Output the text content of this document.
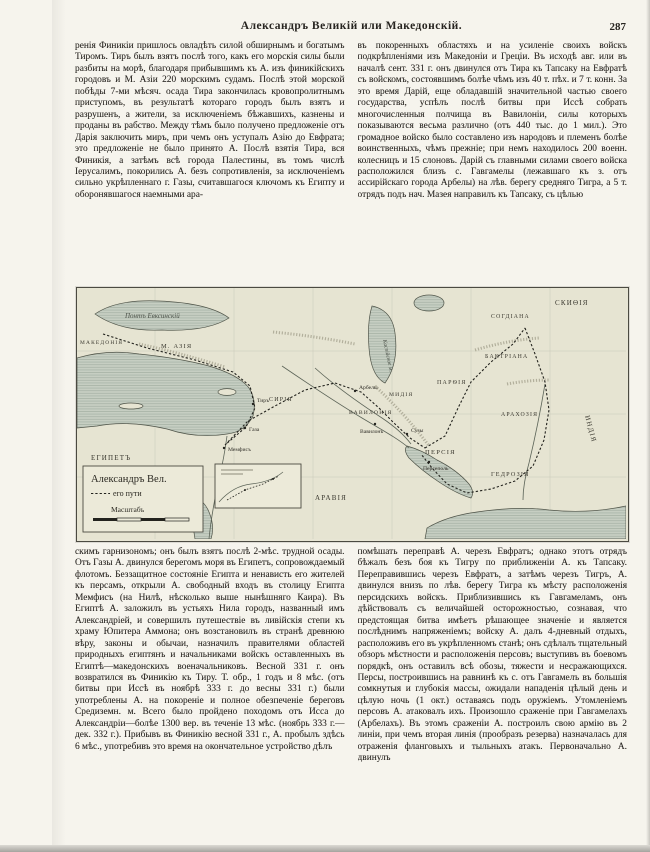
Александръ Великій или Македонскій.	287
ренія Финикіи пришлось овладѣть силой обширнымъ и богатымъ Тиромъ. Тиръ былъ взятъ послѣ того, какъ его морскія силы были разбиты на морѣ, благодаря прибывшимъ къ А. изъ финикійскихъ городовъ и М. Азіи 220 морскимъ судамъ. Послѣ этой морской побѣды 7-ми мѣсяч. осада Тира закончилась кровопролитнымъ приступомъ, въ результатѣ котораго городъ былъ взятъ и разрушенъ, а жители, за исключеніемъ бѣжавшихъ, казнены и проданы въ рабство. Между тѣмъ было получено предложеніе отъ Дарія заключить миръ, при чемъ онъ уступалъ Азію до Евфрата; это предложеніе не было принято А. Послѣ взятія Тира, вся Финикія, а затѣмъ всѣ города Палестины, въ томъ числѣ Іерусалимъ, покорились А. безъ сопротивленія, за исключеніемъ сильно укрѣпленнаго г. Газы, считавшагося ключомъ къ Египту и оборонявшагося наемными ара-
въ покоренныхъ областяхъ и на усиленіе своихъ войскъ подкрѣпленіями изъ Македоніи и Греціи. Въ исходѣ авг. или въ началѣ сент. 331 г. онъ двинулся отъ Тира къ Тапсаку на Евфратѣ съ войскомъ, состоявшимъ болѣе чѣмъ изъ 40 т. пѣх. и 7 т. конн. За это время Дарій, еще обладавшій значительной частью своего государства, успѣлъ послѣ битвы при Иссѣ собрать многочисленныя полчища въ Вавилоніи, силы которыхъ показываются весьма различно (отъ 440 тыс. до 1 мил.). Это громадное войско было составлено изъ народовъ и племенъ болѣе воинственныхъ, чѣмъ прежніе; при немъ находилось 200 военн. колесницъ и 15 слоновъ. Дарій съ главными силами своего войска расположился близъ с. Гавгамелы (лежавшаго къ з. отъ ассирійскаго города Арбелы) на лѣв. берегу средняго Тигра, а 5 т. отрядъ подъ нач. Мазея направилъ къ Тапсаку, съ цѣлью
Тиръ
Газа
Мемфисъ
Вавилонъ
Арбелы
Сузы
Персеполь
Понтъ Евксинскій
Каспійское м.
СКИѲІЯ
МАКЕДОНІЯ	М. АЗІЯ
СИРІЯ
ЕГИПЕТЪ
АРАВІЯ
ВАВИЛОНІЯ
МИДІЯ
ПЕРСІЯ
ПАРѲІЯ
БАКТРІАНА
СОГДІАНА
АРАХОЗІЯ
ГЕДРОЗІЯ
ИНДІЯ
Александръ Вел.
его пути
Масштабъ
скимъ гарнизономъ; онъ былъ взятъ послѣ 2-мѣс. трудной осады. Отъ Газы А. двинулся берегомъ моря въ Египетъ, сопровождаемый флотомъ. Беззащитное состояніе Египта и ненависть его жителей къ персамъ, открыли А. свободный входъ въ столицу Египта Мемфисъ (на Нилѣ, нѣсколько выше нынѣшняго Каира). Въ Египтѣ А. заложилъ въ устьяхъ Нила городъ, названный имъ Александріей, и совершилъ путешествіе въ ливійскія степи къ храму Юпитера Аммона; онъ возстановилъ въ странѣ древнюю вѣру, законы и обычаи, назначилъ правителями областей природныхъ египтянъ и начальниками войскъ оставленныхъ въ Египтѣ—македонскихъ военачальниковъ. Весной 331 г. онъ возвратился въ Финикію къ Тиру. Т. обр., 1 годъ и 8 мѣс. (отъ битвы при Иссѣ въ ноябрѣ 333 г. до весны 331 г.) были употреблены А. на покореніе и полное обезпеченіе береговъ Средиземн. м. Всего было пройдено походомъ отъ Исса до Александріи—болѣе 1300 вер. въ теченіе 13 мѣс. (ноябрь 333 г.— дек. 332 г.). Прибывъ въ Финикію весной 331 г., А. пробылъ здѣсь 6 мѣс., употребивъ это время на окончательное устройство дѣлъ
помѣшать переправѣ А. черезъ Евфратъ; однако этотъ отрядъ бѣжалъ безъ боя къ Тигру по приближеніи А. къ Тапсаку. Переправившись черезъ Евфратъ, а затѣмъ черезъ Тигръ, А. двинулся внизъ по лѣв. берегу Тигра къ мѣсту расположенія персидскихъ войскъ. Приблизившись къ Гавгамеламъ, онъ дѣйствовалъ съ величайшей осторожностью, сознавая, что предстоящая битва имѣетъ рѣшающее значеніе и является послѣднимъ напряженіемъ; войску А. далъ 4-дневный отдыхъ, расположивъ его въ укрѣпленномъ станѣ; онъ сдѣлалъ тщательный обзоръ мѣстности и расположенія персовъ; выступивъ въ боевомъ порядкѣ, онъ оставилъ всѣ обозы, тяжести и несражающихся. Персы, построившись на равнинѣ къ с. отъ Гавгамелъ въ большія сомкнутыя и глубокія массы, ожидали нападенія цѣлый день и цѣлую ночь (1 окт.) оставаясь подъ оружіемъ. Утомленіемъ персовъ А. атаковалъ ихъ. Произошло сраженіе при Гавгамелахъ (Арбелахъ). Въ этомъ сраженіи А. построилъ свою армію въ 2 линіи, при чемъ вторая линія (прообразъ резерва) назначалась для отраженія фланговыхъ и тыльныхъ атакъ. Первоначально А. двинулъ
